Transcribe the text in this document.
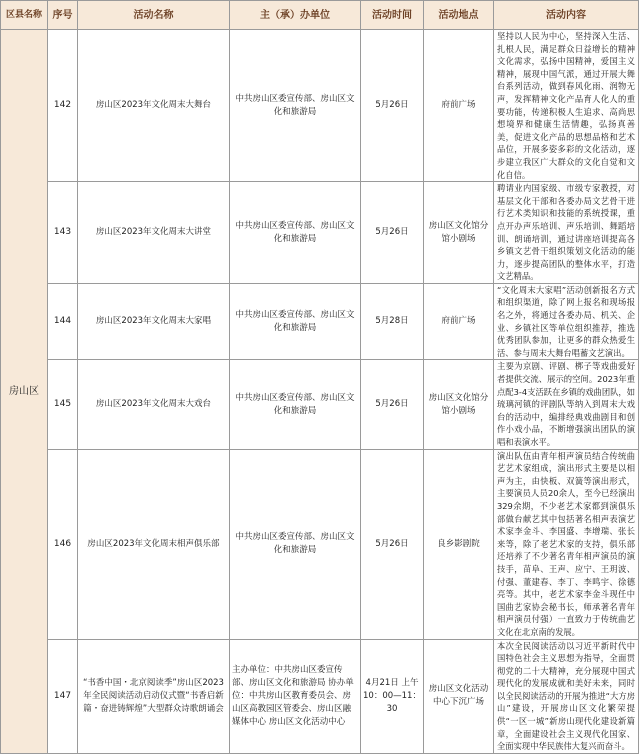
区县名称	序号	活动名称	主（承）办单位	活动时间	活动地点	活动内容
房山区	142	房山区2023年文化周末大舞台	中共房山区委宣传部、房山区文化和旅游局	5月26日	府前广场	坚持以人民为中心，坚持深入生活、扎根人民，满足群众日益增长的精神文化需求，弘扬中国精神，爱国主义精神，展现中国气派，通过开展大舞台系列活动，做到春风化雨、润物无声，发挥精神文化产品育人化人的重要功能，传递积极人生追求、高尚思想境界和健康生活情趣，弘扬真善美，促进文化产品的思想品格和艺术品位，开展多姿多彩的文化活动，逐步建立我区广大群众的文化自觉和文化自信。
	143	房山区2023年文化周末大讲堂	中共房山区委宣传部、房山区文化和旅游局	5月26日	房山区文化馆分馆小剧场	聘请业内国家级、市级专家教授，对基层文化干部和各委办局文艺骨干进行艺术类知识和技能的系统授课，重点开办声乐培训、声乐培训、舞蹈培训、朗诵培训，通过讲座培训提高各乡镇文艺骨干组织策划文化活动的能力，逐步提高团队的整体水平，打造文艺精品。
	144	房山区2023年文化周末大家唱	中共房山区委宣传部、房山区文化和旅游局	5月28日	府前广场	“文化周末大家唱”活动创新报名方式和组织渠道，除了网上报名和现场报名之外，将通过各委办局、机关、企业、乡镇社区等单位组织推荐，推选优秀团队参加，让更多的群众热爱生活、参与周末大舞台唱蓄文艺演出。
	145	房山区2023年文化周末大戏台	中共房山区委宣传部、房山区文化和旅游局	5月26日	房山区文化馆分馆小剧场	主要为京剧、评剧、梆子等戏曲爱好者提供交流、展示的空间。2023年重点配3-4支活跃在乡镇的戏曲团队，如琉璃河镇的评剧队等纳入到周末大戏台的活动中，编排经典戏曲剧目和创作小戏小品，不断增强演出团队的演唱和表演水平。
	146	房山区2023年文化周末相声俱乐部	中共房山区委宣传部、房山区文化和旅游局	5月26日	良乡影剧院	演出队伍由青年相声演员结合传统曲艺艺术家组成，演出形式主要是以相声为主，由快板、双簧等演出形式，主要演员人员20余人，至今已经演出329余期，不少老艺术家都到演俱乐部做台献艺其中包括著名相声表演艺术家李金斗、李国盛、李增瑞、张长来等，除了老艺术家的支持，俱乐部还培养了不少著名青年相声演员的演技手，苗阜、王声、应宁、王玥波、付强、董建春、李丁、李鸣宇、徐德亮等。其中，老艺术家李金斗现任中国曲艺家协会秘书长，师承著名青年相声演员付强）一直致力于传统曲艺文化在北京南的发展。
	147	“书香中国・北京阅读季”房山区2023年全民阅读活动启动仪式暨“书香启新篇・奋进铸辉煌”大型群众诗歌朗诵会	主办单位：中共房山区委宣传部、房山区文化和旅游局 协办单位：中共房山区教育委员会、房山区高教园区管委会、房山区融媒体中心 房山区文化活动中心	4月21日 上午10：00—11：30	房山区文化活动中心下沉广场	本次全民阅读活动以习近平新时代中国特色社会主义思想为指导，全面贯彻党的二十大精神，充分展现中国式现代化的发展成就和美好未来，同时以全民阅读活动的开展为推进“大方房山”建设，开展房山区文化繁荣提供“一区一城”新房山现代化建设新篇章，全面建设社会主义现代化国家、全面实现中华民族伟大复兴而奋斗。
